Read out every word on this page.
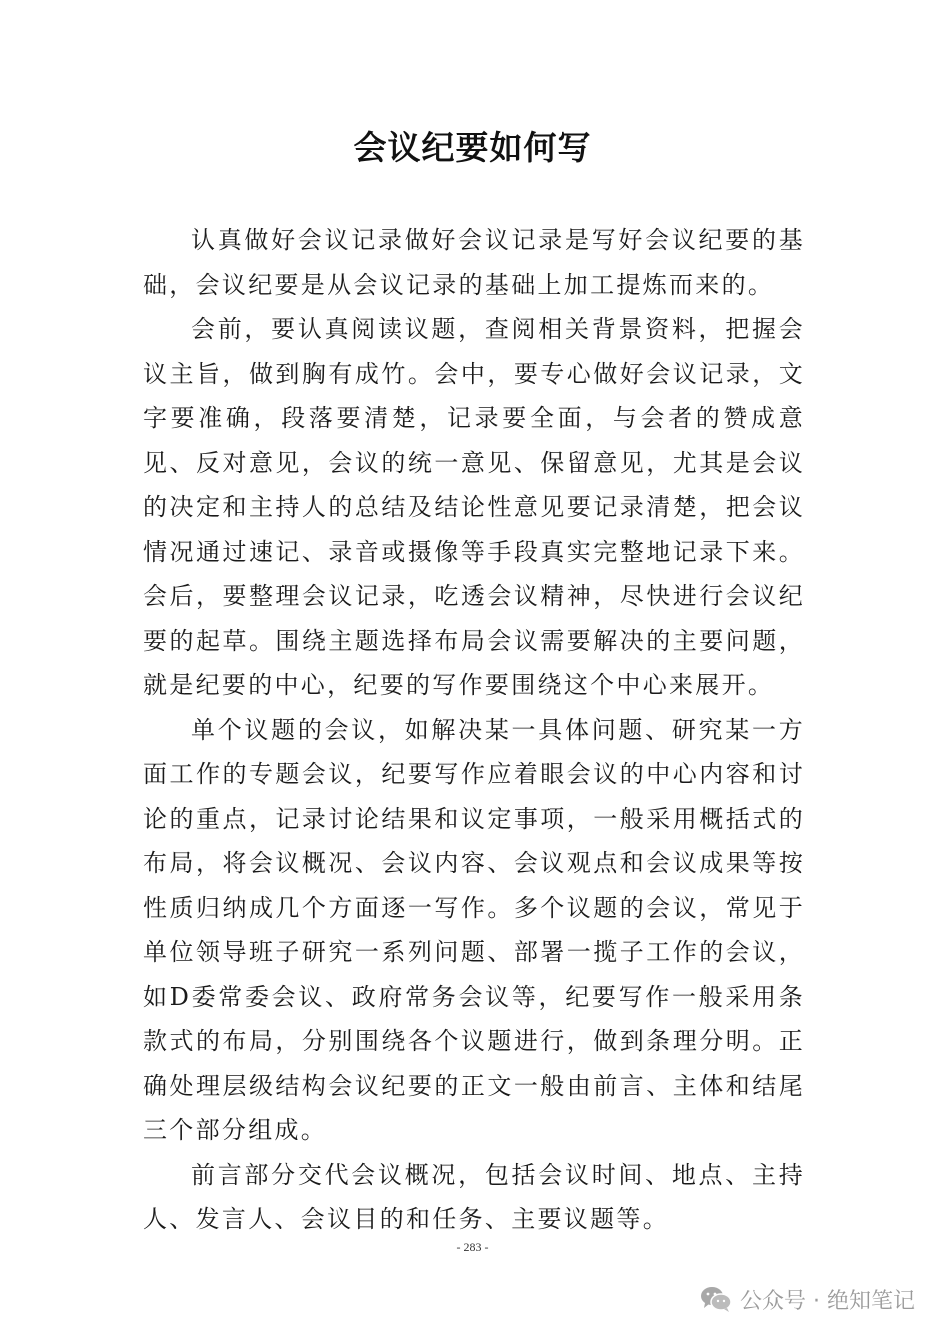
会议纪要如何写

认真做好会议记录做好会议记录是写好会议纪要的基础，会议纪要是从会议记录的基础上加工提炼而来的。

会前，要认真阅读议题，查阅相关背景资料，把握会议主旨，做到胸有成竹。会中，要专心做好会议记录，文字要准确，段落要清楚，记录要全面，与会者的赞成意见、反对意见，会议的统一意见、保留意见，尤其是会议的决定和主持人的总结及结论性意见要记录清楚，把会议情况通过速记、录音或摄像等手段真实完整地记录下来。会后，要整理会议记录，吃透会议精神，尽快进行会议纪要的起草。围绕主题选择布局会议需要解决的主要问题，就是纪要的中心，纪要的写作要围绕这个中心来展开。

单个议题的会议，如解决某一具体问题、研究某一方面工作的专题会议，纪要写作应着眼会议的中心内容和讨论的重点，记录讨论结果和议定事项，一般采用概括式的布局，将会议概况、会议内容、会议观点和会议成果等按性质归纳成几个方面逐一写作。多个议题的会议，常见于单位领导班子研究一系列问题、部署一揽子工作的会议，如D委常委会议、政府常务会议等，纪要写作一般采用条款式的布局，分别围绕各个议题进行，做到条理分明。正确处理层级结构会议纪要的正文一般由前言、主体和结尾三个部分组成。

前言部分交代会议概况，包括会议时间、地点、主持人、发言人、会议目的和任务、主要议题等。

- 283 -
公众号 · 绝知笔记
